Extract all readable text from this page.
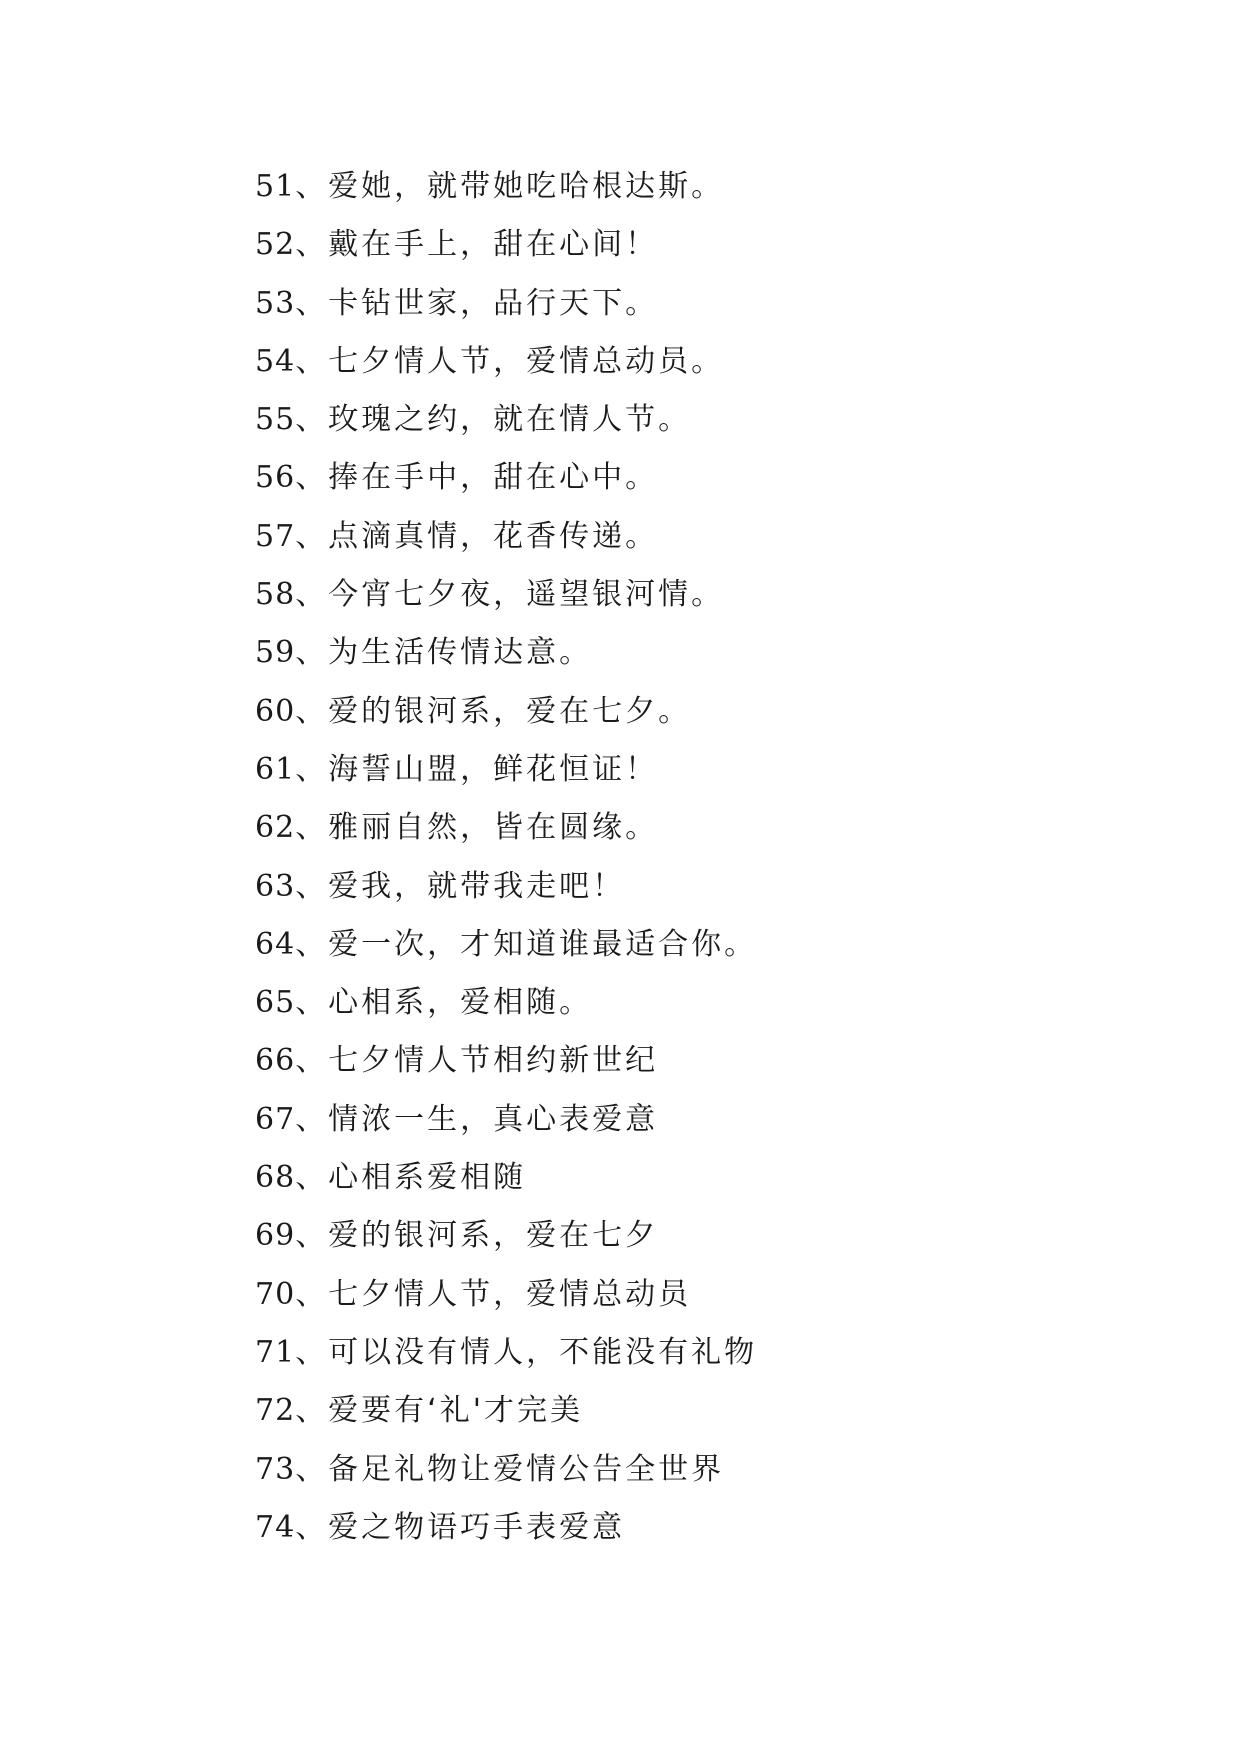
51、爱她，就带她吃哈根达斯。
52、戴在手上，甜在心间！
53、卡钻世家，品行天下。
54、七夕情人节，爱情总动员。
55、玫瑰之约，就在情人节。
56、捧在手中，甜在心中。
57、点滴真情，花香传递。
58、今宵七夕夜，遥望银河情。
59、为生活传情达意。
60、爱的银河系，爱在七夕。
61、海誓山盟，鲜花恒证！
62、雅丽自然，皆在圆缘。
63、爱我，就带我走吧！
64、爱一次，才知道谁最适合你。
65、心相系，爱相随。
66、七夕情人节相约新世纪
67、情浓一生，真心表爱意
68、心相系爱相随
69、爱的银河系，爱在七夕
70、七夕情人节，爱情总动员
71、可以没有情人，不能没有礼物
72、爱要有‘礼'才完美
73、备足礼物让爱情公告全世界
74、爱之物语巧手表爱意
